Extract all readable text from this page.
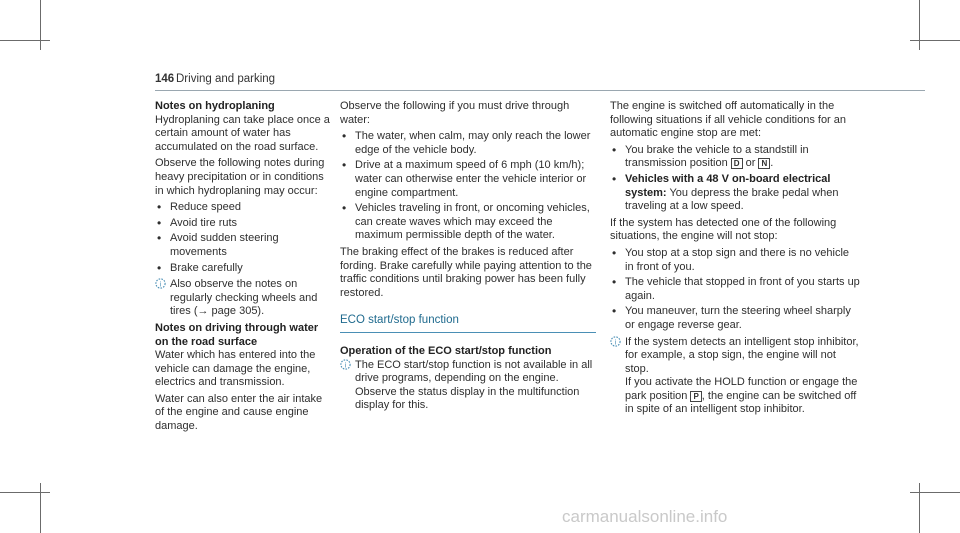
146 Driving and parking

Notes on hydroplaning

Hydroplaning can take place once a certain amount of water has accumulated on the road surface.

Observe the following notes during heavy precipitation or in conditions in which hydroplaning may occur:

• Reduce speed
• Avoid tire ruts
• Avoid sudden steering movements
• Brake carefully
i Also observe the notes on regularly checking wheels and tires (→ page 305).

Notes on driving through water on the road surface

Water which has entered into the vehicle can damage the engine, electrics and transmission.

Water can also enter the air intake of the engine and cause engine damage.

Observe the following if you must drive through water:

• The water, when calm, may only reach the lower edge of the vehicle body.
• Drive at a maximum speed of 6 mph (10 km/h); water can otherwise enter the vehicle interior or engine compartment.
• Vehicles traveling in front, or oncoming vehicles, can create waves which may exceed the maximum permissible depth of the water.

The braking effect of the brakes is reduced after fording. Brake carefully while paying attention to the traffic conditions until braking power has been fully restored.

ECO start/stop function

Operation of the ECO start/stop function

i The ECO start/stop function is not available in all drive programs, depending on the engine. Observe the status display in the multifunction display for this.

The engine is switched off automatically in the following situations if all vehicle conditions for an automatic engine stop are met:

• You brake the vehicle to a standstill in transmission position D or N .
• Vehicles with a 48 V on-board electrical system: You depress the brake pedal when traveling at a low speed.

If the system has detected one of the following situations, the engine will not stop:

• You stop at a stop sign and there is no vehicle in front of you.
• The vehicle that stopped in front of you starts up again.
• You maneuver, turn the steering wheel sharply or engage reverse gear.
i If the system detects an intelligent stop inhibitor, for example, a stop sign, the engine will not stop.
If you activate the HOLD function or engage the park position P , the engine can be switched off in spite of an intelligent stop inhibitor.
carmanualsonline.info
